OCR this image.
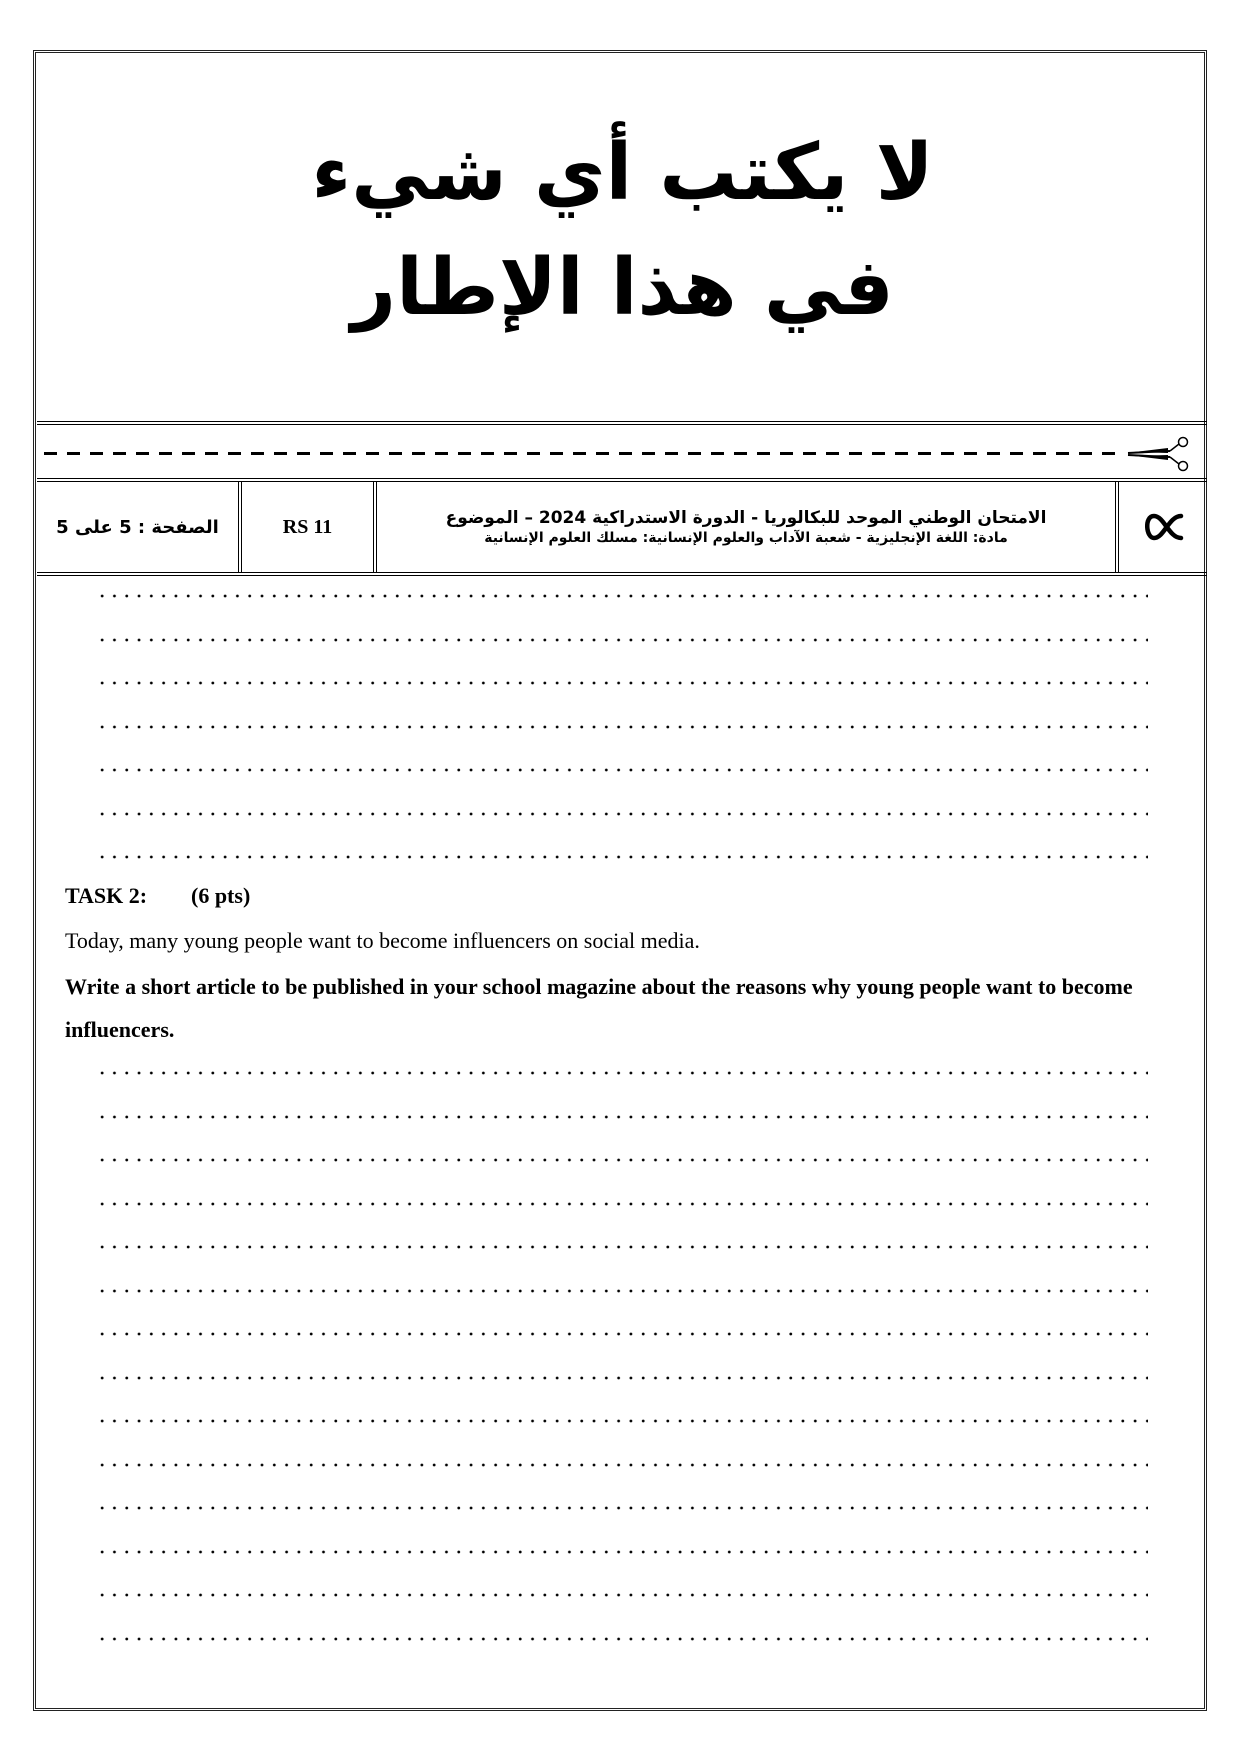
لا يكتب أي شيء
في هذا الإطار
الصفحة : 5 على 5	RS 11	الامتحان الوطني الموحد للبكالوريا - الدورة الاستدراكية 2024 – الموضوع
مادة: اللغة الإنجليزية - شعبة الآداب والعلوم الإنسانية: مسلك العلوم الإنسانية
TASK 2: (6 pts)
Today, many young people want to become influencers on social media.
Write a short article to be published in your school magazine about the reasons why young people want to become influencers.
